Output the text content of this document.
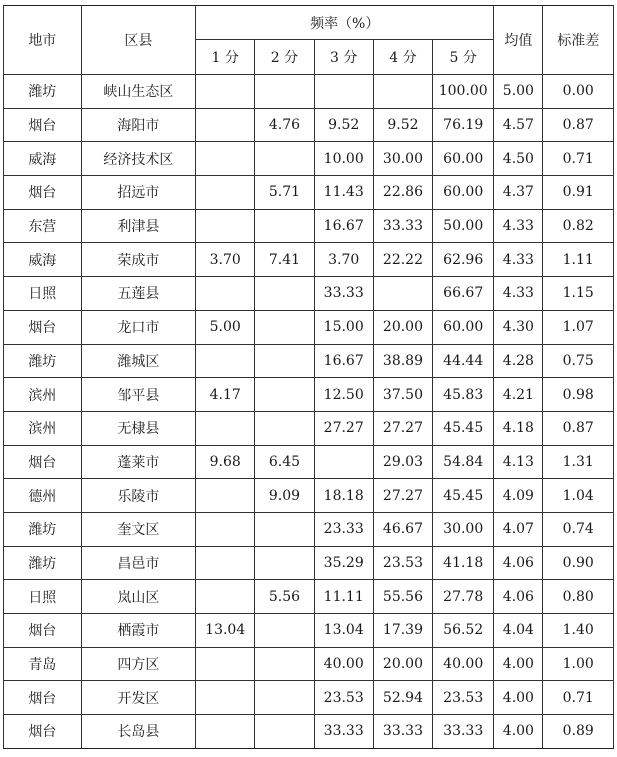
地市	区县	频率（%）					均值	标准差
		1 分	2 分	3 分	4 分	5 分		
潍坊	峡山生态区					100.00	5.00	0.00
烟台	海阳市		4.76	9.52	9.52	76.19	4.57	0.87
威海	经济技术区			10.00	30.00	60.00	4.50	0.71
烟台	招远市		5.71	11.43	22.86	60.00	4.37	0.91
东营	利津县			16.67	33.33	50.00	4.33	0.82
威海	荣成市	3.70	7.41	3.70	22.22	62.96	4.33	1.11
日照	五莲县			33.33		66.67	4.33	1.15
烟台	龙口市	5.00		15.00	20.00	60.00	4.30	1.07
潍坊	潍城区			16.67	38.89	44.44	4.28	0.75
滨州	邹平县	4.17		12.50	37.50	45.83	4.21	0.98
滨州	无棣县			27.27	27.27	45.45	4.18	0.87
烟台	蓬莱市	9.68	6.45		29.03	54.84	4.13	1.31
德州	乐陵市		9.09	18.18	27.27	45.45	4.09	1.04
潍坊	奎文区			23.33	46.67	30.00	4.07	0.74
潍坊	昌邑市			35.29	23.53	41.18	4.06	0.90
日照	岚山区		5.56	11.11	55.56	27.78	4.06	0.80
烟台	栖霞市	13.04		13.04	17.39	56.52	4.04	1.40
青岛	四方区			40.00	20.00	40.00	4.00	1.00
烟台	开发区			23.53	52.94	23.53	4.00	0.71
烟台	长岛县			33.33	33.33	33.33	4.00	0.89
